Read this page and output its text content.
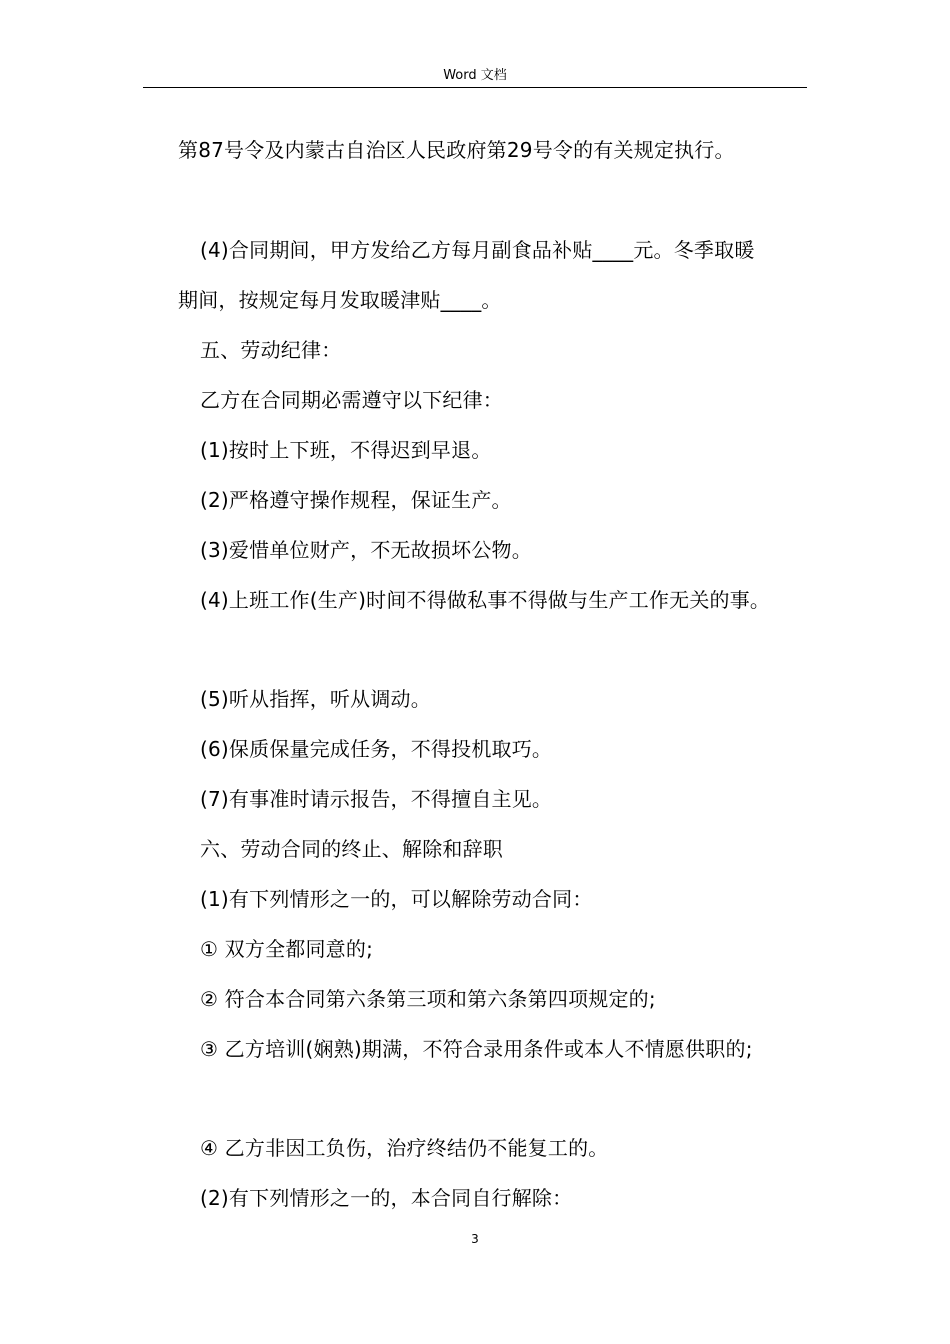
Word 文档
第87号令及内蒙古自治区人民政府第29号令的有关规定执行。
(4)合同期间，甲方发给乙方每月副食品补贴____元。冬季取暖
期间，按规定每月发取暖津贴____。
五、劳动纪律：
乙方在合同期必需遵守以下纪律：
(1)按时上下班，不得迟到早退。
(2)严格遵守操作规程，保证生产。
(3)爱惜单位财产，不无故损坏公物。
(4)上班工作(生产)时间不得做私事不得做与生产工作无关的事。
(5)听从指挥，听从调动。
(6)保质保量完成任务，不得投机取巧。
(7)有事准时请示报告，不得擅自主见。
六、劳动合同的终止、解除和辞职
(1)有下列情形之一的，可以解除劳动合同：
① 双方全都同意的;
② 符合本合同第六条第三项和第六条第四项规定的;
③ 乙方培训(娴熟)期满，不符合录用条件或本人不情愿供职的;
④ 乙方非因工负伤，治疗终结仍不能复工的。
(2)有下列情形之一的，本合同自行解除：
3
